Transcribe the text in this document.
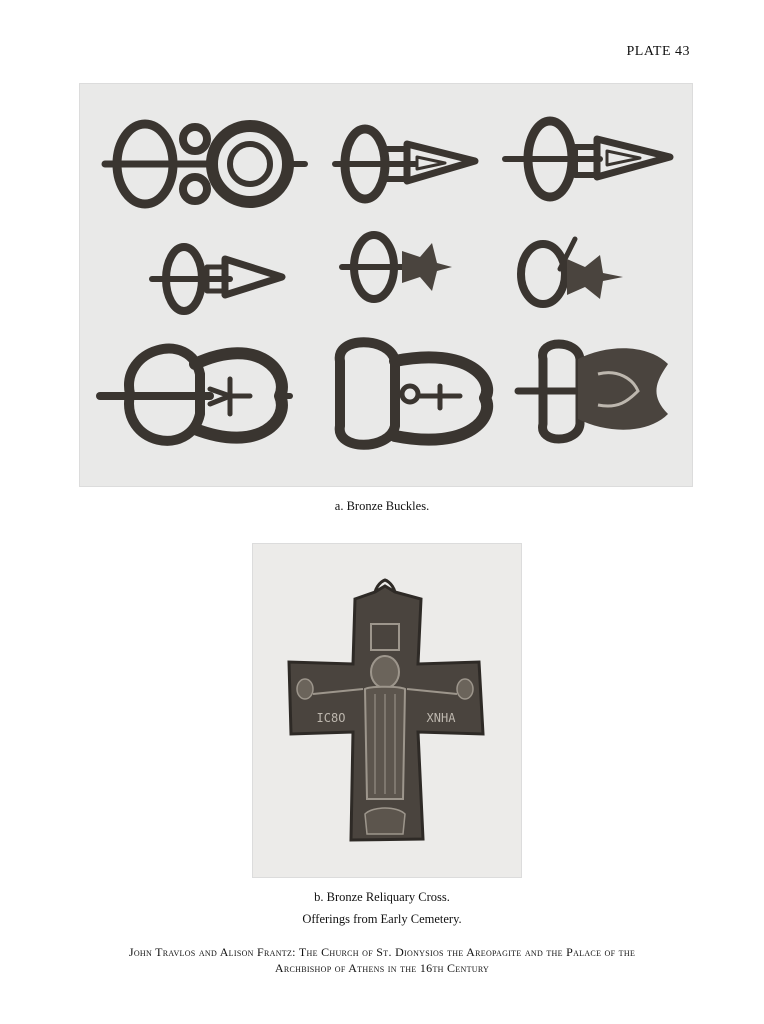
PLATE 43
a. Bronze Buckles.
IC8O	XNHA
b. Bronze Reliquary Cross.
Offerings from Early Cemetery.
John Travlos and Alison Frantz: The Church of St. Dionysios the Areopagite and the Palace of the
Archbishop of Athens in the 16th Century
